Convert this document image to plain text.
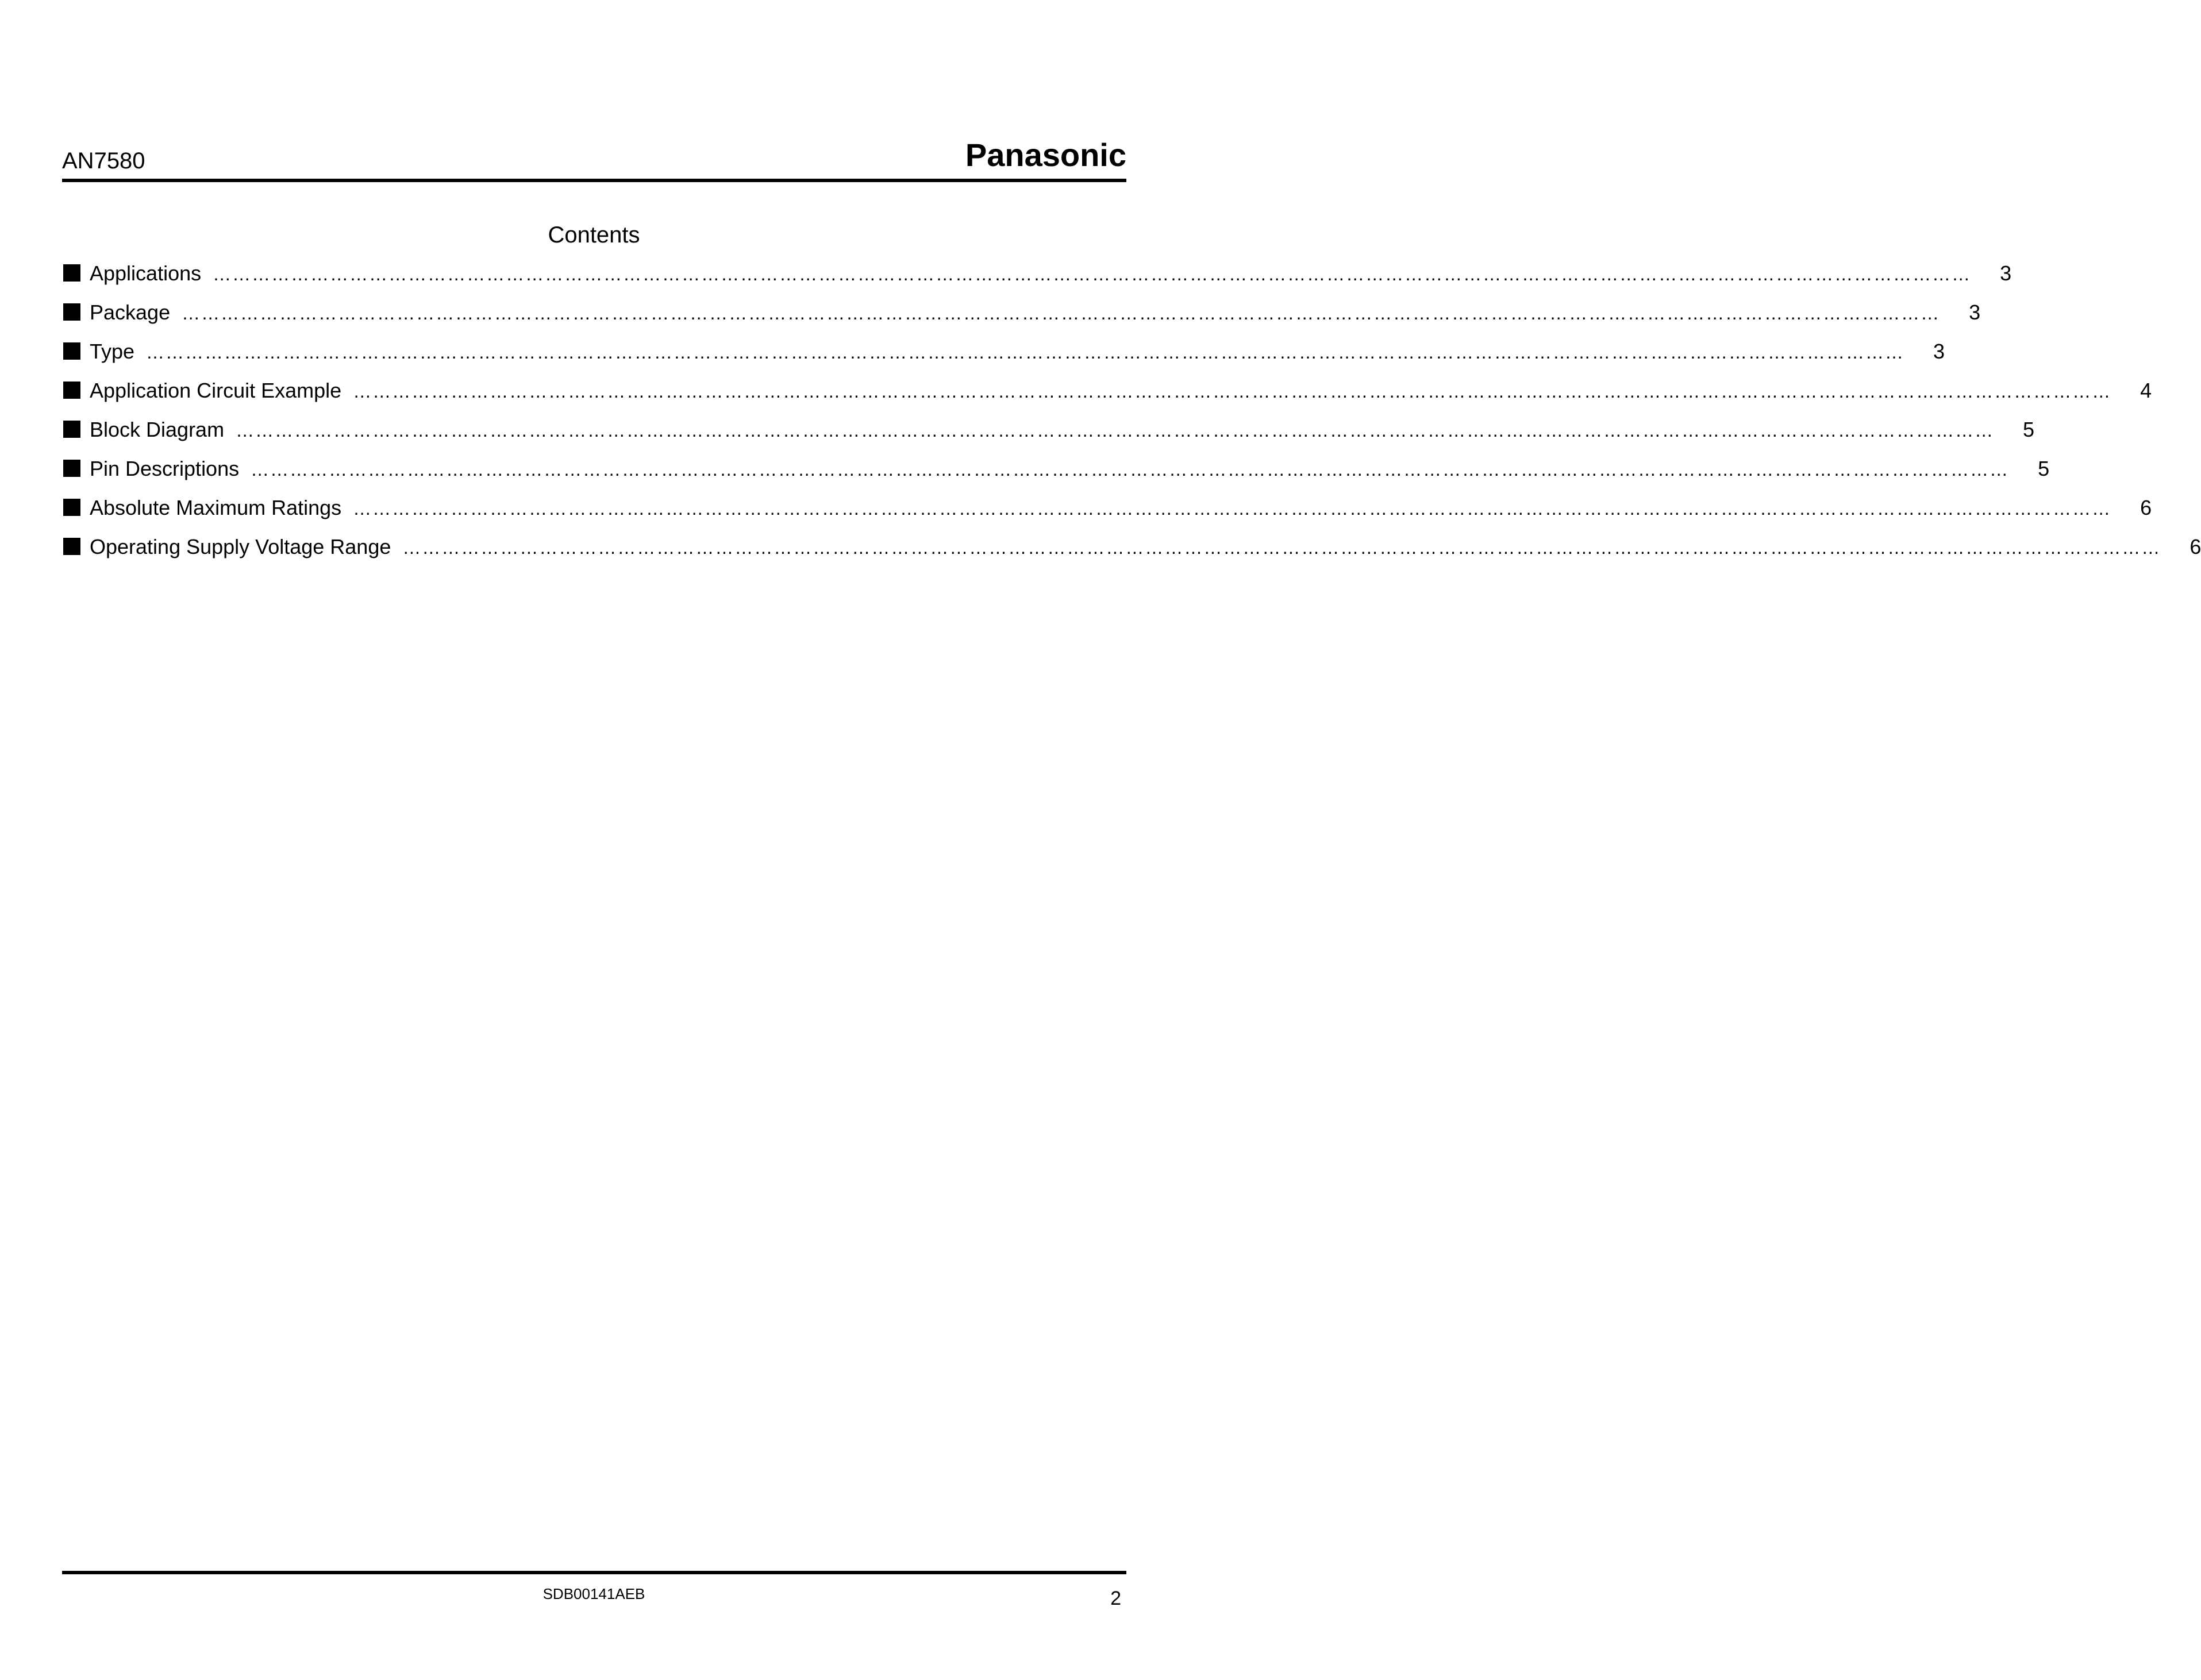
AN7580	Panasonic
Contents
Applications ………………………………………………………………………………………………………………………………………………………………………………………………………………………………………………	3
Package ………………………………………………………………………………………………………………………………………………………………………………………………………………………………………………	3
Type ………………………………………………………………………………………………………………………………………………………………………………………………………………………………………………	3
Application Circuit Example ………………………………………………………………………………………………………………………………………………………………………………………………………………………………………………	4
Block Diagram ………………………………………………………………………………………………………………………………………………………………………………………………………………………………………………	5
Pin Descriptions ………………………………………………………………………………………………………………………………………………………………………………………………………………………………………………	5
Absolute Maximum Ratings ………………………………………………………………………………………………………………………………………………………………………………………………………………………………………………	6
Operating Supply Voltage Range ………………………………………………………………………………………………………………………………………………………………………………………………………………………………………………	6
SDB00141AEB	2
